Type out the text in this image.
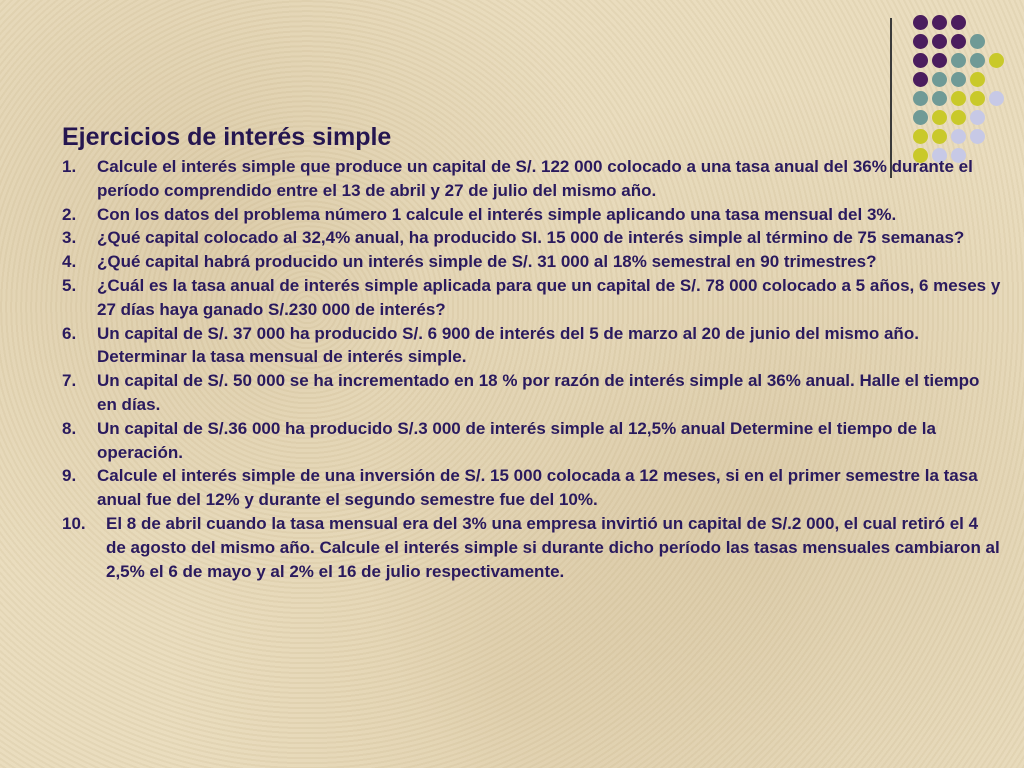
Ejercicios de interés simple
1. Calcule el interés simple que produce un capital de S/. 122 000 colocado a una tasa anual del 36% durante el período comprendido entre el 13 de abril y 27 de julio del mismo año.
2. Con los datos del problema número 1 calcule el interés simple aplicando una tasa mensual del 3%.
3. ¿Qué capital colocado al 32,4% anual, ha producido SI. 15 000 de interés simple al término de 75 semanas?
4. ¿Qué capital habrá producido un interés simple de S/. 31 000 al 18% semestral en 90 trimestres?
5. ¿Cuál es la tasa anual de interés simple aplicada para que un capital de S/. 78 000 colocado a 5 años, 6 meses y 27 días haya ganado S/.230 000 de interés?
6. Un capital de S/. 37 000 ha producido S/. 6 900 de interés del 5 de marzo al 20 de junio del mismo año. Determinar la tasa mensual de interés simple.
7. Un capital de S/. 50 000 se ha incrementado en 18 % por razón de interés simple al 36% anual. Halle el tiempo en días.
8. Un capital de S/.36 000 ha producido S/.3 000 de interés simple al 12,5% anual Determine el tiempo de la operación.
9. Calcule el interés simple de una inversión de S/. 15 000 colocada a 12 meses, si en el primer semestre la tasa anual fue del 12% y durante el segundo semestre fue del 10%.
10. El 8 de abril cuando la tasa mensual era del 3% una empresa invirtió un capital de S/.2 000, el cual retiró el 4 de agosto del mismo año. Calcule el interés simple si durante dicho período las tasas mensuales cambiaron al 2,5% el 6 de mayo y al 2% el 16 de julio respectivamente.
